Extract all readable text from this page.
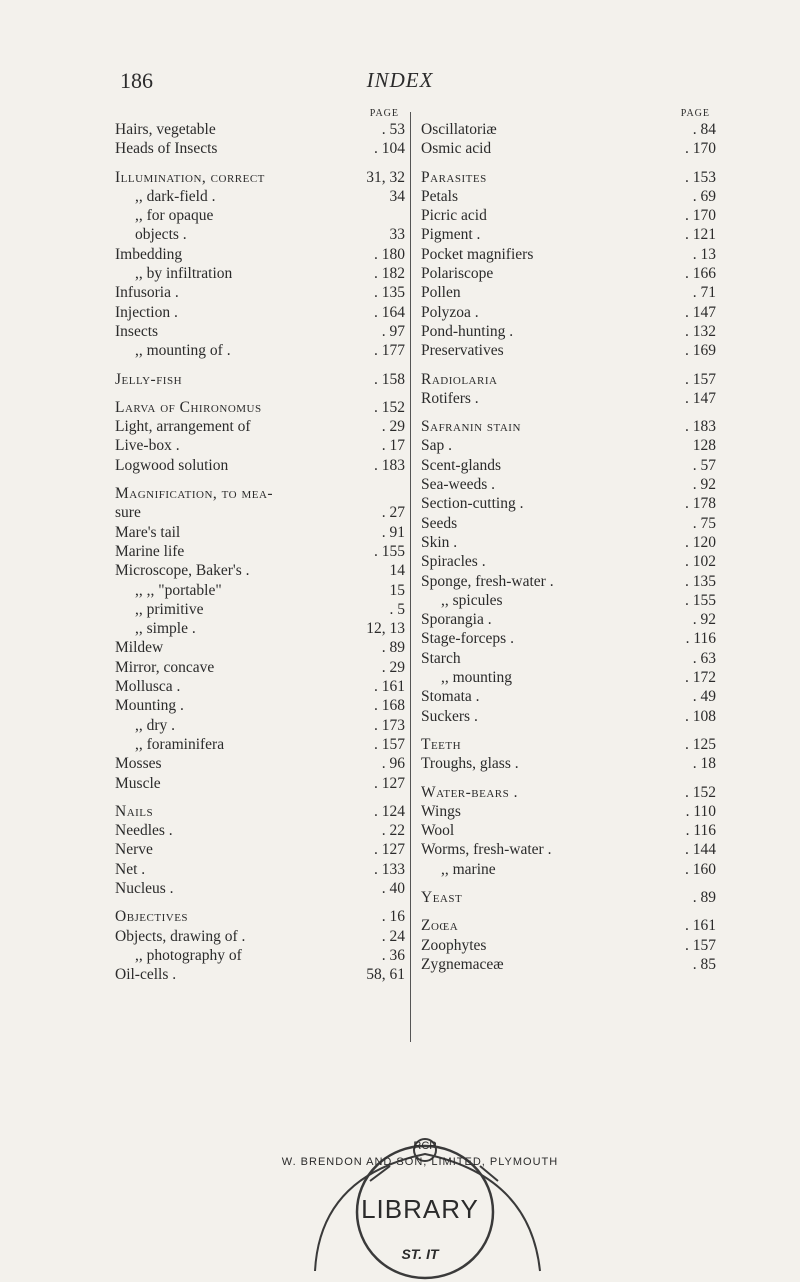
186	INDEX
PAGE
Hairs, vegetable	. 53
Heads of Insects	. 104
Illumination, correct	31, 32
,, dark-field .	34
,, for opaque
objects .	33
Imbedding	. 180
,, by infiltration	. 182
Infusoria .	. 135
Injection .	. 164
Insects	. 97
,, mounting of .	. 177
Jelly-fish	. 158
Larva of Chironomus	. 152
Light, arrangement of	. 29
Live-box .	. 17
Logwood solution	. 183
Magnification, to mea-
sure	. 27
Mare's tail	. 91
Marine life	. 155
Microscope, Baker's .	14
,, ,, "portable"	15
,, primitive	. 5
,, simple .	12, 13
Mildew	. 89
Mirror, concave	. 29
Mollusca .	. 161
Mounting .	. 168
,, dry .	. 173
,, foraminifera	. 157
Mosses	. 96
Muscle	. 127
Nails	. 124
Needles .	. 22
Nerve	. 127
Net .	. 133
Nucleus .	. 40
Objectives	. 16
Objects, drawing of .	. 24
,, photography of	. 36
Oil-cells .	58, 61
PAGE
Oscillatoriæ	. 84
Osmic acid	. 170
Parasites	. 153
Petals	. 69
Picric acid	. 170
Pigment .	. 121
Pocket magnifiers	. 13
Polariscope	. 166
Pollen	. 71
Polyzoa .	. 147
Pond-hunting .	. 132
Preservatives	. 169
Radiolaria	. 157
Rotifers .	. 147
Safranin stain	. 183
Sap .	128
Scent-glands	. 57
Sea-weeds .	. 92
Section-cutting .	. 178
Seeds	. 75
Skin .	. 120
Spiracles .	. 102
Sponge, fresh-water .	. 135
,, spicules	. 155
Sporangia .	. 92
Stage-forceps .	. 116
Starch	. 63
,, mounting	. 172
Stomata .	. 49
Suckers .	. 108
Teeth	. 125
Troughs, glass .	. 18
Water-bears .	. 152
Wings	. 110
Wool	. 116
Worms, fresh-water .	. 144
,, marine	. 160
Yeast	. 89
Zoœa	. 161
Zoophytes	. 157
Zygnemaceæ	. 85
W. BRENDON AND SON, LIMITED, PLYMOUTH
LIBRARY
ST. IT
RCP
